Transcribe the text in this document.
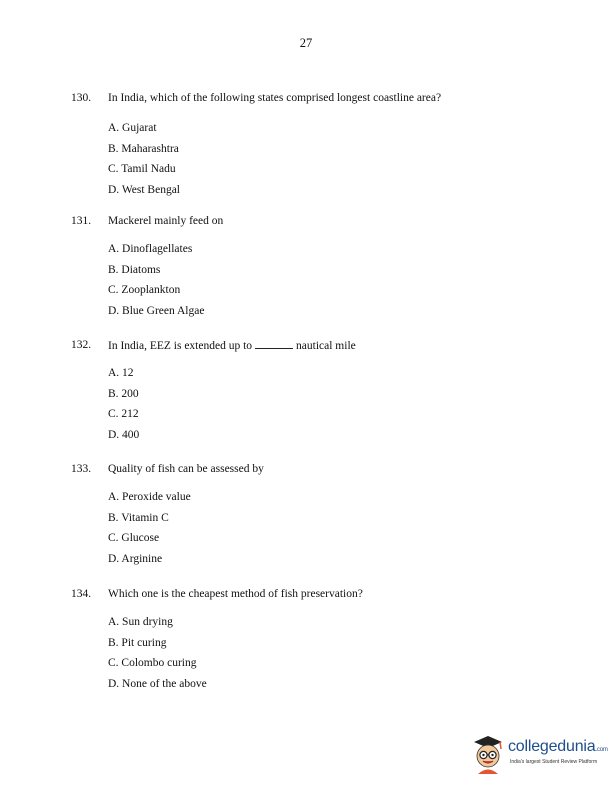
27
130.	In India, which of the following states comprised longest coastline area?
A. Gujarat
B. Maharashtra
C. Tamil Nadu
D. West Bengal
131.	Mackerel mainly feed on
A. Dinoflagellates
B. Diatoms
C. Zooplankton
D. Blue Green Algae
132.	In India, EEZ is extended up to	nautical mile
A. 12
B. 200
C. 212
D. 400
133.	Quality of fish can be assessed by
A. Peroxide value
B. Vitamin C
C. Glucose
D. Arginine
134.	Which one is the cheapest method of fish preservation?
A. Sun drying
B. Pit curing
C. Colombo curing
D. None of the above
collegedunia.com
India's largest Student Review Platform
